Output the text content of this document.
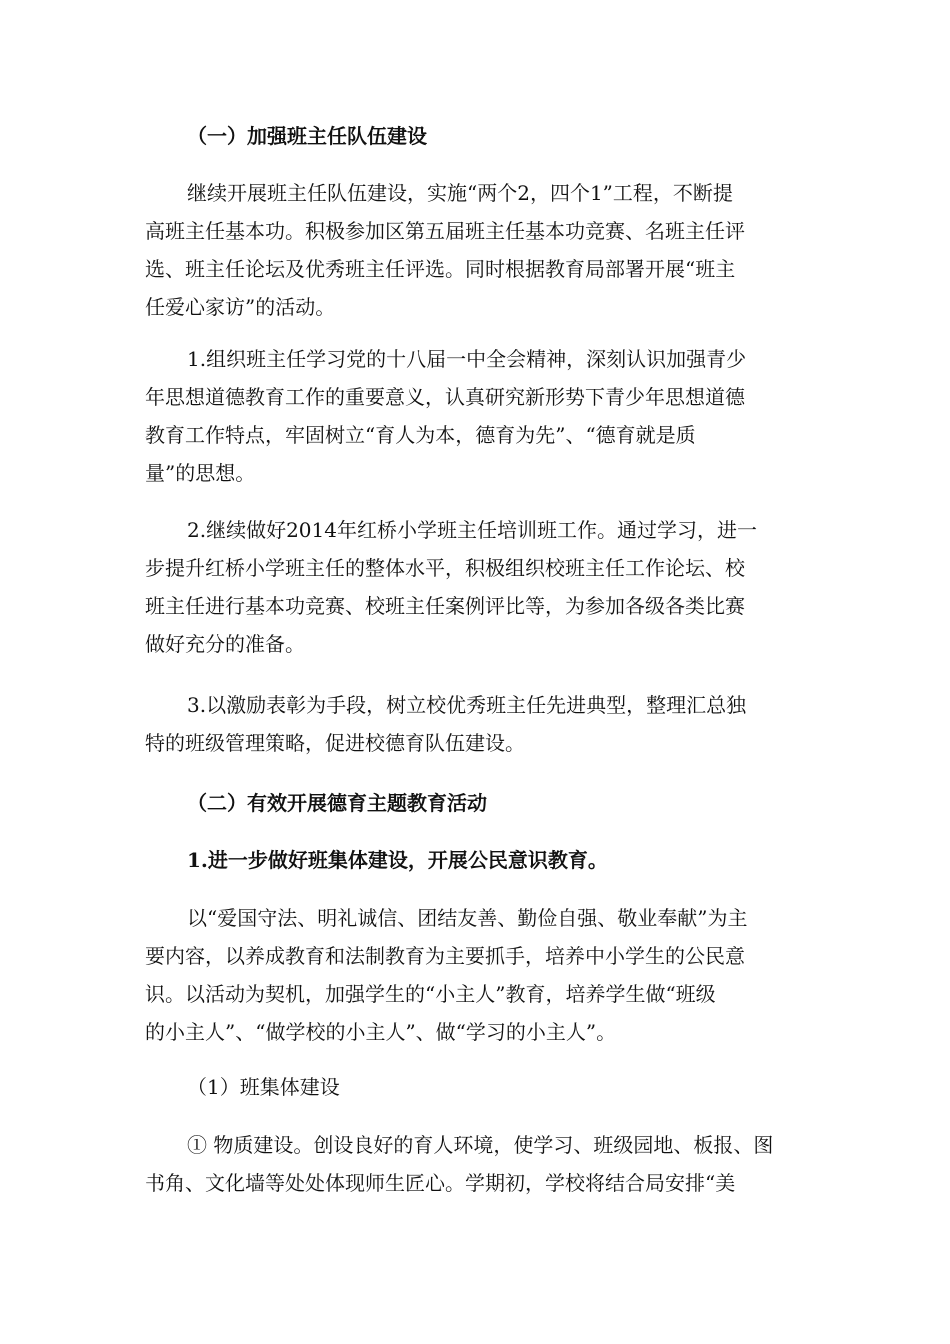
（一）加强班主任队伍建设
继续开展班主任队伍建设，实施“两个2，四个1”工程，不断提
高班主任基本功。积极参加区第五届班主任基本功竞赛、名班主任评
选、班主任论坛及优秀班主任评选。同时根据教育局部署开展“班主
任爱心家访”的活动。
1.组织班主任学习党的十八届一中全会精神，深刻认识加强青少
年思想道德教育工作的重要意义，认真研究新形势下青少年思想道德
教育工作特点，牢固树立“育人为本，德育为先”、“德育就是质
量”的思想。
2.继续做好2014年红桥小学班主任培训班工作。通过学习，进一
步提升红桥小学班主任的整体水平，积极组织校班主任工作论坛、校
班主任进行基本功竞赛、校班主任案例评比等，为参加各级各类比赛
做好充分的准备。
3.以激励表彰为手段，树立校优秀班主任先进典型，整理汇总独
特的班级管理策略，促进校德育队伍建设。
（二）有效开展德育主题教育活动
1.进一步做好班集体建设，开展公民意识教育。
以“爱国守法、明礼诚信、团结友善、勤俭自强、敬业奉献”为主
要内容，以养成教育和法制教育为主要抓手，培养中小学生的公民意
识。以活动为契机，加强学生的“小主人”教育，培养学生做“班级
的小主人”、“做学校的小主人”、做“学习的小主人”。
（1）班集体建设
① 物质建设。创设良好的育人环境，使学习、班级园地、板报、图
书角、文化墙等处处体现师生匠心。学期初，学校将结合局安排“美
